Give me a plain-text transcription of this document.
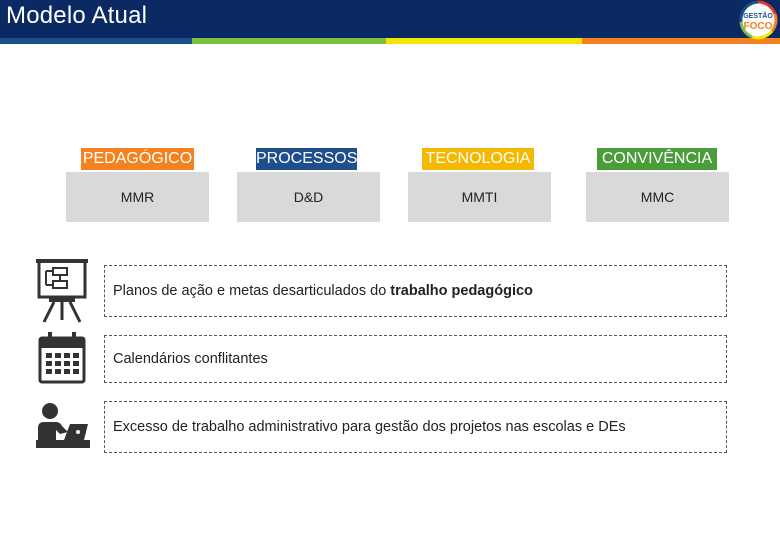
Modelo Atual	GESTÃO
FOCO
PEDAGÓGICO
MMR
PROCESSOS
D&D
TECNOLOGIA
MMTI
CONVIVÊNCIA
MMC
Planos de ação e metas desarticulados do trabalho pedagógico
Calendários conflitantes
Excesso de trabalho administrativo para gestão dos projetos nas escolas e DEs
